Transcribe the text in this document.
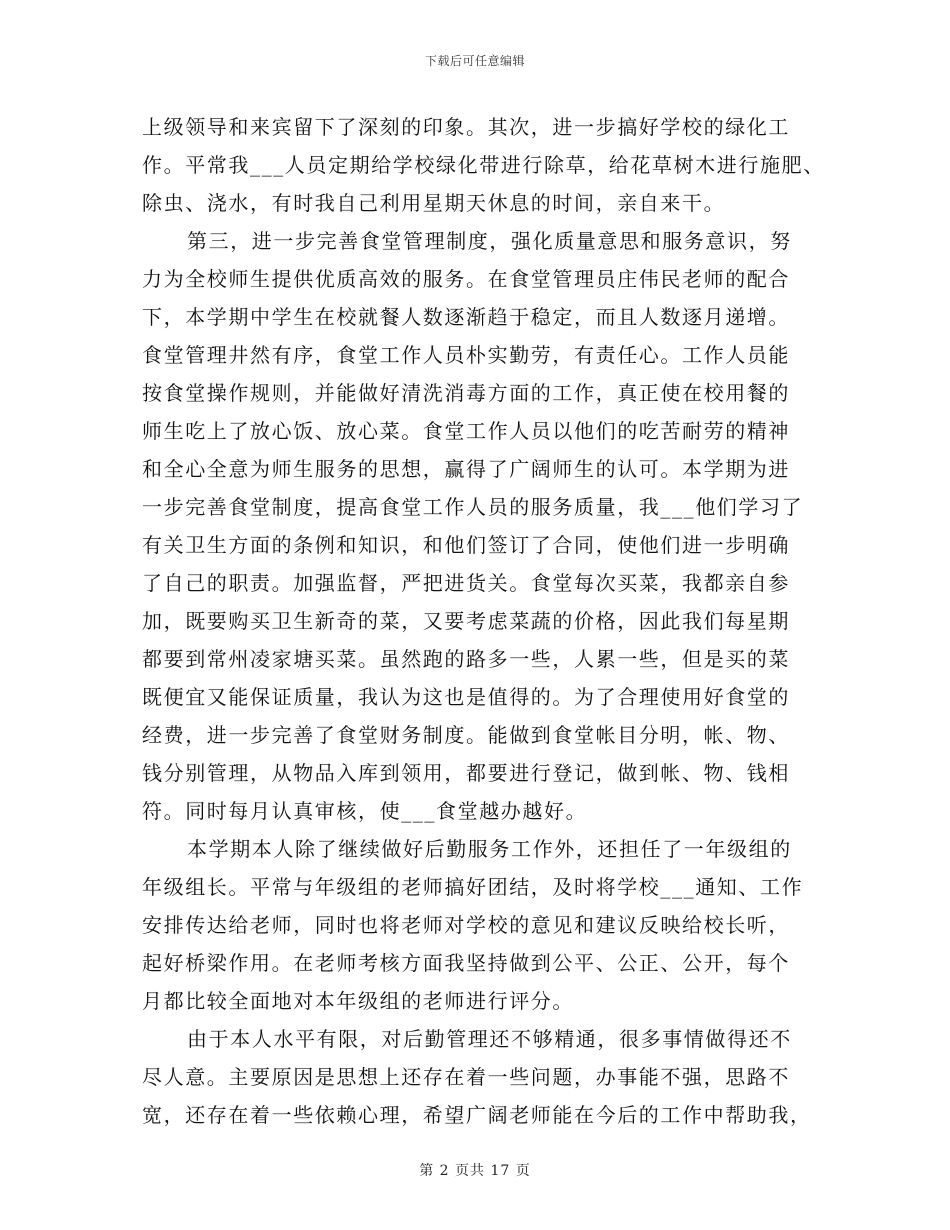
下载后可任意编辑
上级领导和来宾留下了深刻的印象。其次，进一步搞好学校的绿化工
作。平常我___人员定期给学校绿化带进行除草，给花草树木进行施肥、
除虫、浇水，有时我自己利用星期天休息的时间，亲自来干。
第三，进一步完善食堂管理制度，强化质量意思和服务意识，努
力为全校师生提供优质高效的服务。在食堂管理员庄伟民老师的配合
下，本学期中学生在校就餐人数逐渐趋于稳定，而且人数逐月递增。
食堂管理井然有序，食堂工作人员朴实勤劳，有责任心。工作人员能
按食堂操作规则，并能做好清洗消毒方面的工作，真正使在校用餐的
师生吃上了放心饭、放心菜。食堂工作人员以他们的吃苦耐劳的精神
和全心全意为师生服务的思想，赢得了广阔师生的认可。本学期为进
一步完善食堂制度，提高食堂工作人员的服务质量，我___他们学习了
有关卫生方面的条例和知识，和他们签订了合同，使他们进一步明确
了自己的职责。加强监督，严把进货关。食堂每次买菜，我都亲自参
加，既要购买卫生新奇的菜，又要考虑菜蔬的价格，因此我们每星期
都要到常州凌家塘买菜。虽然跑的路多一些，人累一些，但是买的菜
既便宜又能保证质量，我认为这也是值得的。为了合理使用好食堂的
经费，进一步完善了食堂财务制度。能做到食堂帐目分明，帐、物、
钱分别管理，从物品入库到领用，都要进行登记，做到帐、物、钱相
符。同时每月认真审核，使___食堂越办越好。
本学期本人除了继续做好后勤服务工作外，还担任了一年级组的
年级组长。平常与年级组的老师搞好团结，及时将学校___通知、工作
安排传达给老师，同时也将老师对学校的意见和建议反映给校长听，
起好桥梁作用。在老师考核方面我坚持做到公平、公正、公开，每个
月都比较全面地对本年级组的老师进行评分。
由于本人水平有限，对后勤管理还不够精通，很多事情做得还不
尽人意。主要原因是思想上还存在着一些问题，办事能不强，思路不
宽，还存在着一些依赖心理，希望广阔老师能在今后的工作中帮助我，
第 2 页共 17 页
